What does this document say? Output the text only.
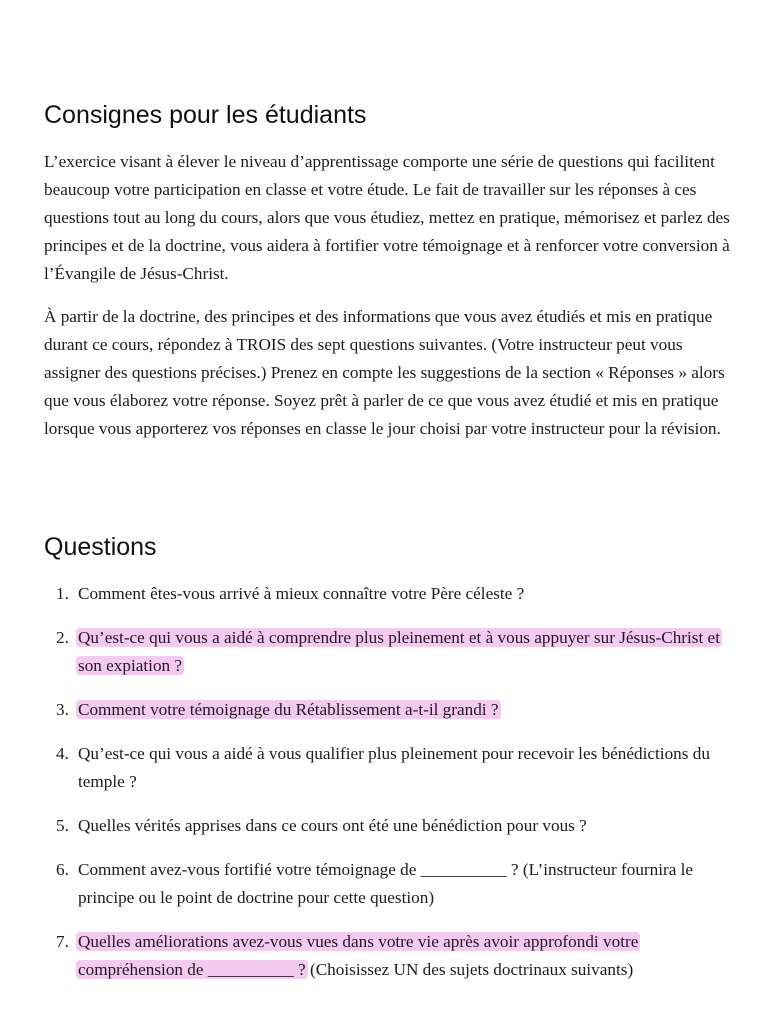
Consignes pour les étudiants

L’exercice visant à élever le niveau d’apprentissage comporte une série de questions qui facilitent beaucoup votre participation en classe et votre étude. Le fait de travailler sur les réponses à ces questions tout au long du cours, alors que vous étudiez, mettez en pratique, mémorisez et parlez des principes et de la doctrine, vous aidera à fortifier votre témoignage et à renforcer votre conversion à l’Évangile de Jésus-Christ.

À partir de la doctrine, des principes et des informations que vous avez étudiés et mis en pratique durant ce cours, répondez à TROIS des sept questions suivantes. (Votre instructeur peut vous assigner des questions précises.) Prenez en compte les suggestions de la section « Réponses » alors que vous élaborez votre réponse. Soyez prêt à parler de ce que vous avez étudié et mis en pratique lorsque vous apporterez vos réponses en classe le jour choisi par votre instructeur pour la révision.

Questions
1. Comment êtes-vous arrivé à mieux connaître votre Père céleste ?
2. Qu’est-ce qui vous a aidé à comprendre plus pleinement et à vous appuyer sur Jésus-Christ et son expiation ?
3. Comment votre témoignage du Rétablissement a-t-il grandi ?
4. Qu’est-ce qui vous a aidé à vous qualifier plus pleinement pour recevoir les bénédictions du temple ?
5. Quelles vérités apprises dans ce cours ont été une bénédiction pour vous ?
6. Comment avez-vous fortifié votre témoignage de __________ ? (L’instructeur fournira le principe ou le point de doctrine pour cette question)
7. Quelles améliorations avez-vous vues dans votre vie après avoir approfondi votre compréhension de __________ ? (Choisissez UN des sujets doctrinaux suivants)
